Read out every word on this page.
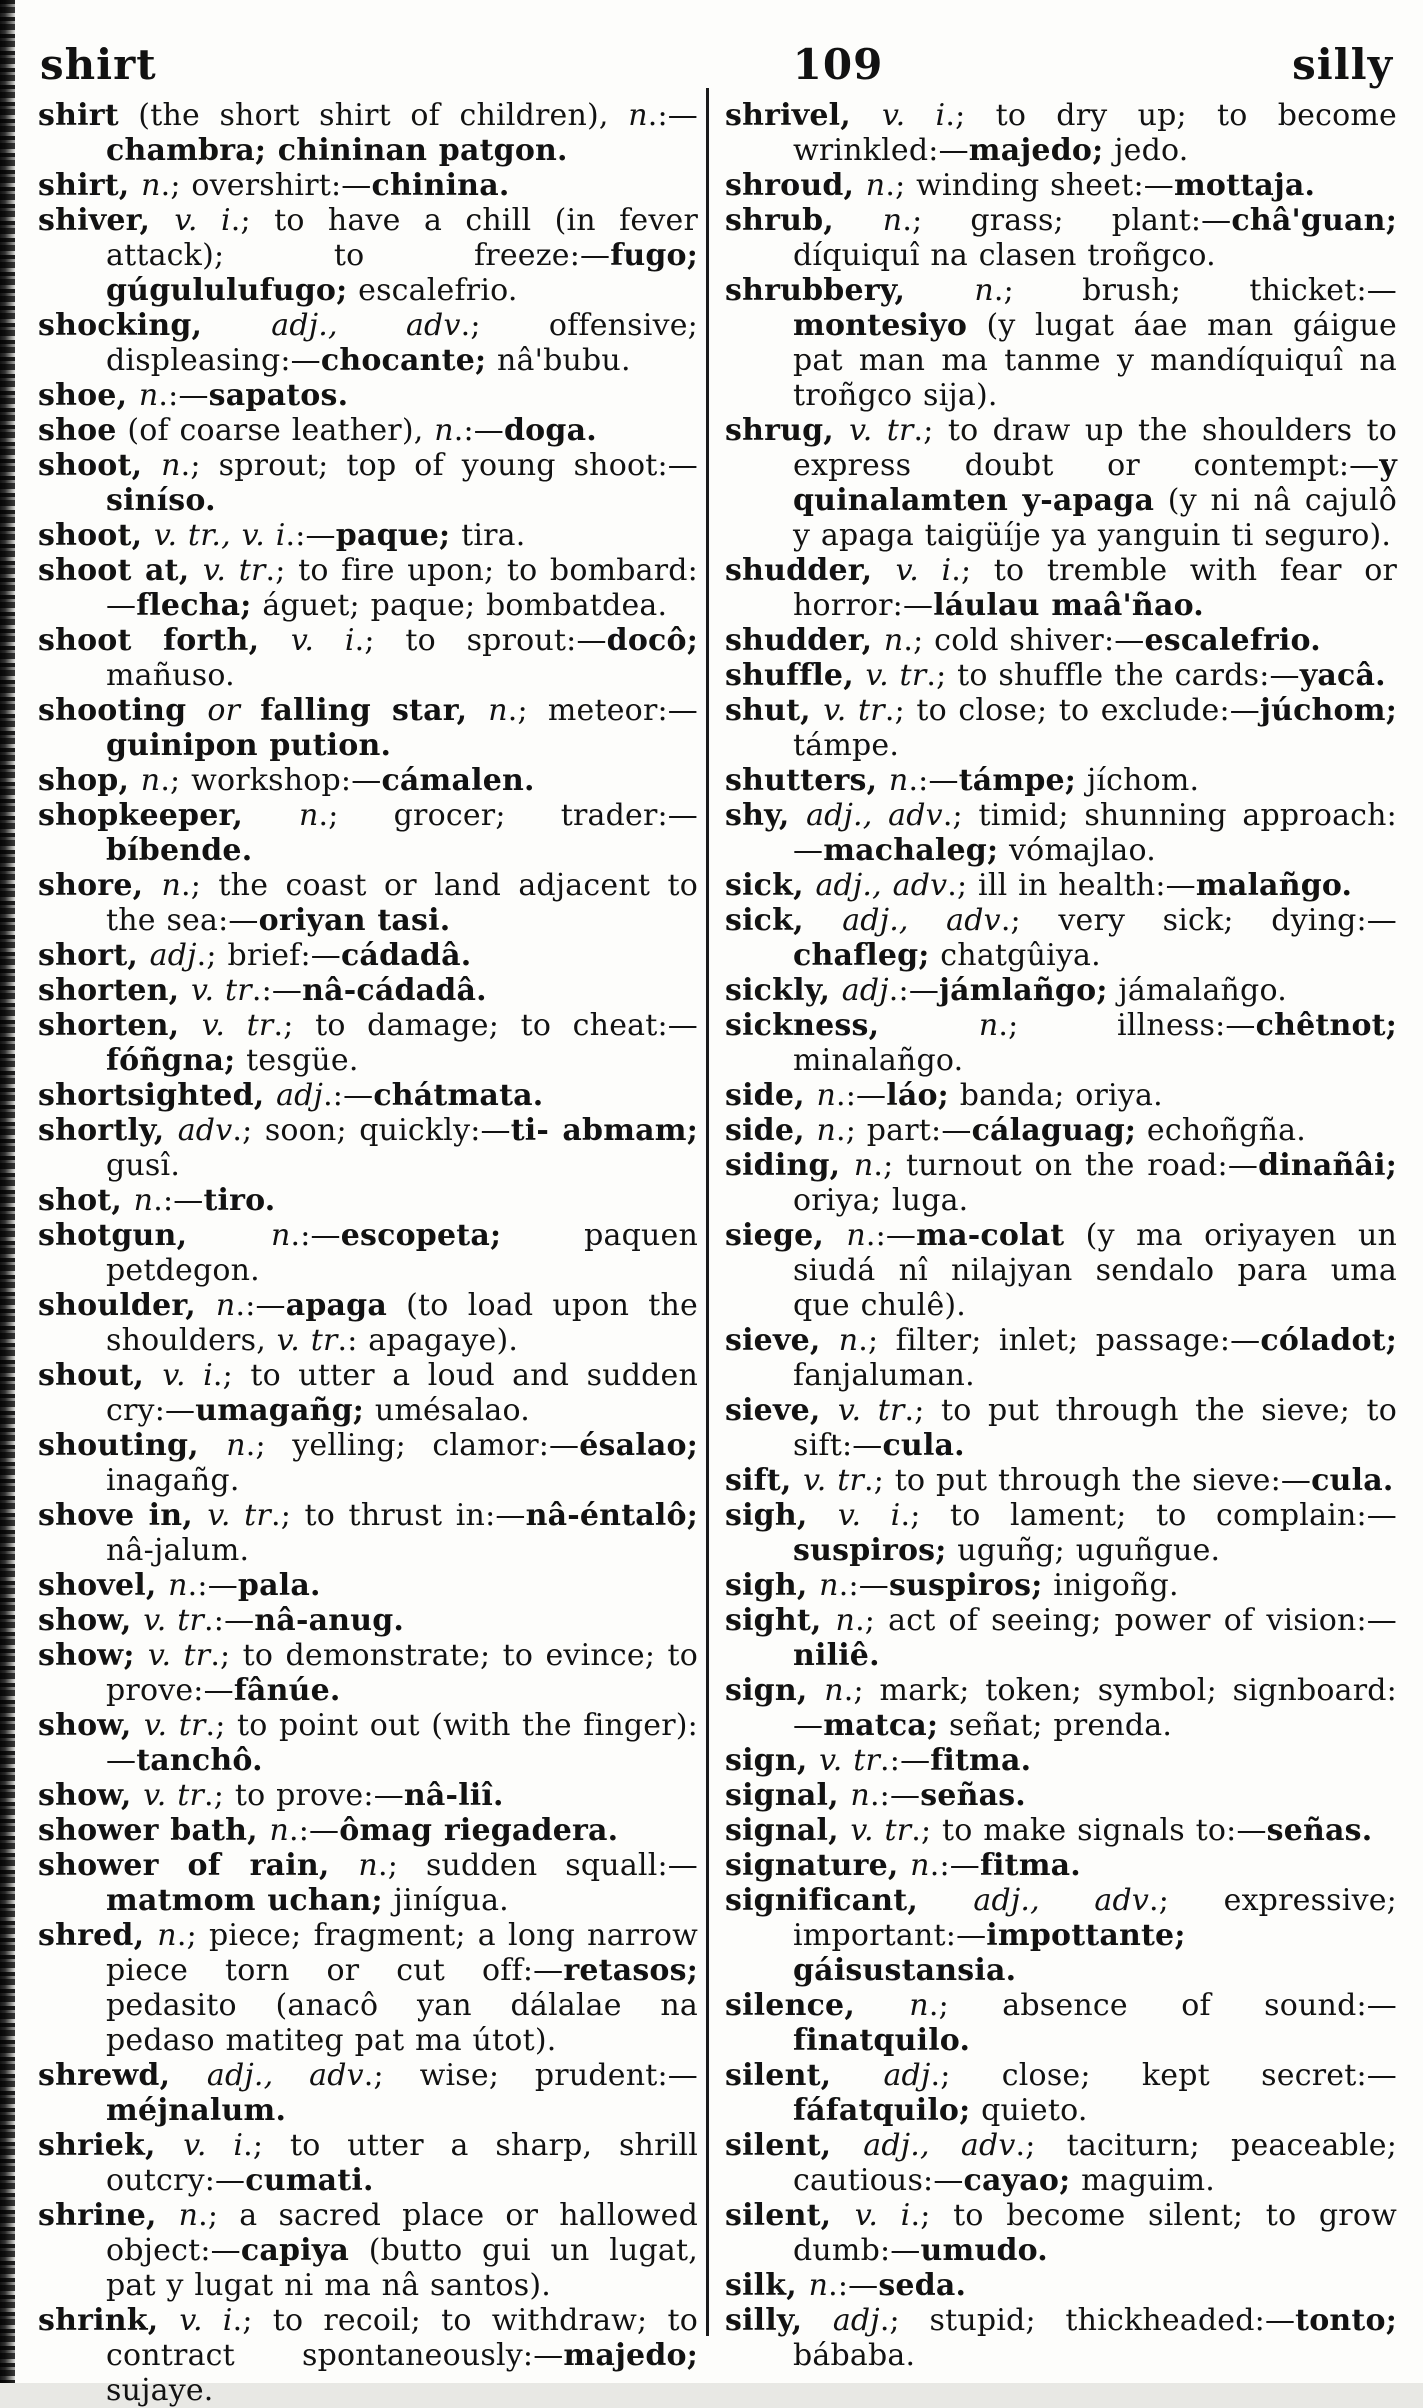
shirt	109	silly

shirt (the short shirt of children), n.:—chambra; chininan patgon.

shirt, n.; overshirt:—chinina.

shiver, v. i.; to have a chill (in fever attack); to freeze:—fugo; gúgululufugo; escalefrio.

shocking, adj., adv.; offensive; displeasing:—chocante; nâ'bubu.

shoe, n.:—sapatos.

shoe (of coarse leather), n.:—doga.

shoot, n.; sprout; top of young shoot:—siníso.

shoot, v. tr., v. i.:—paque; tira.

shoot at, v. tr.; to fire upon; to bombard:—flecha; águet; paque; bombatdea.

shoot forth, v. i.; to sprout:—docô; mañuso.

shooting or falling star, n.; meteor:—guinipon pution.

shop, n.; workshop:—cámalen.

shopkeeper, n.; grocer; trader:—bíbende.

shore, n.; the coast or land adjacent to the sea:—oriyan tasi.

short, adj.; brief:—cádadâ.

shorten, v. tr.:—nâ-cádadâ.

shorten, v. tr.; to damage; to cheat:—fóñgna; tesgüe.

shortsighted, adj.:—chátmata.

shortly, adv.; soon; quickly:—ti- abmam; gusî.

shot, n.:—tiro.

shotgun, n.:—escopeta; paquen petdegon.

shoulder, n.:—apaga (to load upon the shoulders, v. tr.: apagaye).

shout, v. i.; to utter a loud and sudden cry:—umagañg; umésalao.

shouting, n.; yelling; clamor:—ésalao; inagañg.

shove in, v. tr.; to thrust in:—nâ-éntalô; nâ-jalum.

shovel, n.:—pala.

show, v. tr.:—nâ-anug.

show; v. tr.; to demonstrate; to evince; to prove:—fânúe.

show, v. tr.; to point out (with the finger):—tanchô.

show, v. tr.; to prove:—nâ-liî.

shower bath, n.:—ômag riegadera.

shower of rain, n.; sudden squall:—matmom uchan; jinígua.

shred, n.; piece; fragment; a long narrow piece torn or cut off:—retasos; pedasito (anacô yan dálalae na pedaso matiteg pat ma útot).

shrewd, adj., adv.; wise; prudent:—méjnalum.

shriek, v. i.; to utter a sharp, shrill outcry:—cumati.

shrine, n.; a sacred place or hallowed object:—capiya (butto gui un lugat, pat y lugat ni ma nâ santos).

shrink, v. i.; to recoil; to withdraw; to contract spontaneously:—majedo; sujaye.

shrivel, v. i.; to dry up; to become wrinkled:—majedo; jedo.

shroud, n.; winding sheet:—mottaja.

shrub, n.; grass; plant:—châ'guan; díquiquî na clasen troñgco.

shrubbery, n.; brush; thicket:—montesiyo (y lugat áae man gáigue pat man ma tanme y mandíquiquî na troñgco sija).

shrug, v. tr.; to draw up the shoulders to express doubt or contempt:—y quinalamten y-apaga (y ni nâ cajulô y apaga taigüíje ya yanguin ti seguro).

shudder, v. i.; to tremble with fear or horror:—láulau maâ'ñao.

shudder, n.; cold shiver:—escalefrio.

shuffle, v. tr.; to shuffle the cards:—yacâ.

shut, v. tr.; to close; to exclude:—júchom; támpe.

shutters, n.:—támpe; jíchom.

shy, adj., adv.; timid; shunning approach:—machaleg; vómajlao.

sick, adj., adv.; ill in health:—malañgo.

sick, adj., adv.; very sick; dying:—chafleg; chatgûiya.

sickly, adj.:—jámlañgo; jámalañgo.

sickness, n.; illness:—chêtnot; minalañgo.

side, n.:—láo; banda; oriya.

side, n.; part:—cálaguag; echoñgña.

siding, n.; turnout on the road:—dinañâi; oriya; luga.

siege, n.:—ma-colat (y ma oriyayen un siudá nî nilajyan sendalo para uma que chulê).

sieve, n.; filter; inlet; passage:—cóladot; fanjaluman.

sieve, v. tr.; to put through the sieve; to sift:—cula.

sift, v. tr.; to put through the sieve:—cula.

sigh, v. i.; to lament; to complain:—suspiros; uguñg; uguñgue.

sigh, n.:—suspiros; inigoñg.

sight, n.; act of seeing; power of vision:—niliê.

sign, n.; mark; token; symbol; signboard:—matca; señat; prenda.

sign, v. tr.:—fitma.

signal, n.:—señas.

signal, v. tr.; to make signals to:—señas.

signature, n.:—fitma.

significant, adj., adv.; expressive; important:—impottante; gáisustansia.

silence, n.; absence of sound:—finatquilo.

silent, adj.; close; kept secret:—fáfatquilo; quieto.

silent, adj., adv.; taciturn; peaceable; cautious:—cayao; maguim.

silent, v. i.; to become silent; to grow dumb:—umudo.

silk, n.:—seda.

silly, adj.; stupid; thickheaded:—tonto; bábaba.
